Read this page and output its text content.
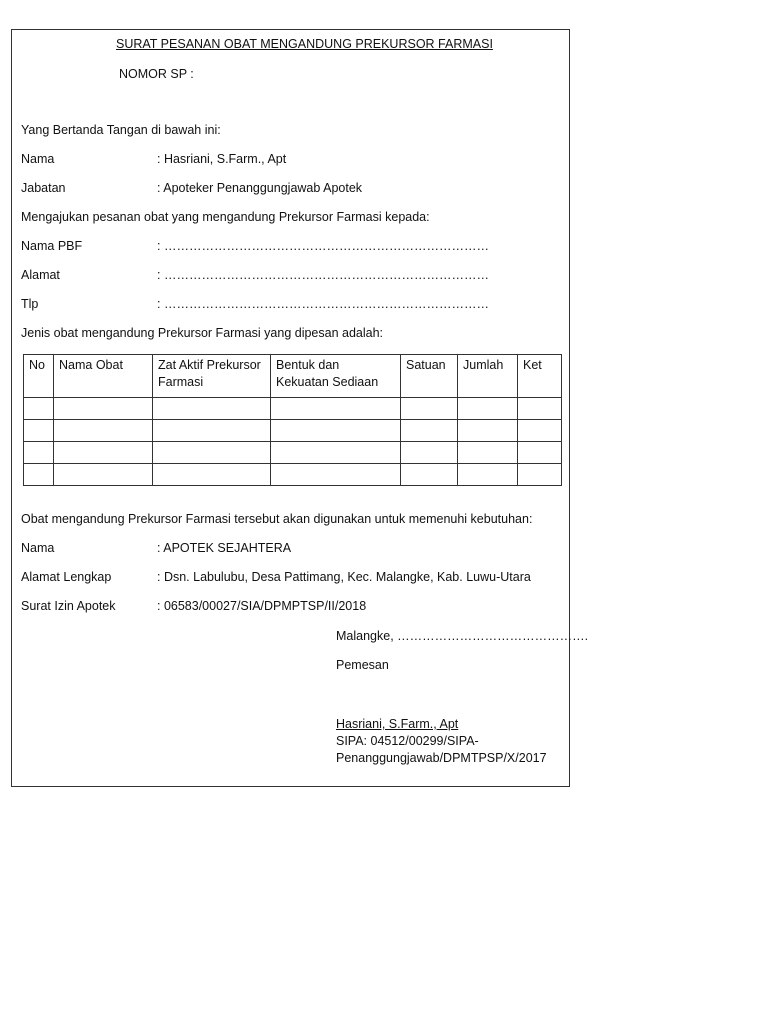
SURAT PESANAN OBAT MENGANDUNG PREKURSOR FARMASI
NOMOR SP :
Yang Bertanda Tangan di bawah ini:
Nama	: Hasriani, S.Farm., Apt
Jabatan	: Apoteker Penanggungjawab Apotek
Mengajukan pesanan obat yang mengandung Prekursor Farmasi kepada:
Nama PBF	: ……………………………………………………………………
Alamat	: ……………………………………………………………………
Tlp	: ……………………………………………………………………
Jenis obat mengandung Prekursor Farmasi yang dipesan adalah:
No	Nama Obat	Zat Aktif Prekursor Farmasi	Bentuk dan Kekuatan Sediaan	Satuan	Jumlah	Ket

Obat mengandung Prekursor Farmasi tersebut akan digunakan untuk memenuhi kebutuhan:
Nama	: APOTEK SEJAHTERA
Alamat Lengkap	: Dsn. Labulubu, Desa Pattimang, Kec. Malangke, Kab. Luwu-Utara
Surat Izin Apotek	: 06583/00027/SIA/DPMPTSP/II/2018
Malangke, ……………………………………….
Pemesan
Hasriani, S.Farm., Apt
SIPA: 04512/00299/SIPA-
Penanggungjawab/DPMTPSP/X/2017
